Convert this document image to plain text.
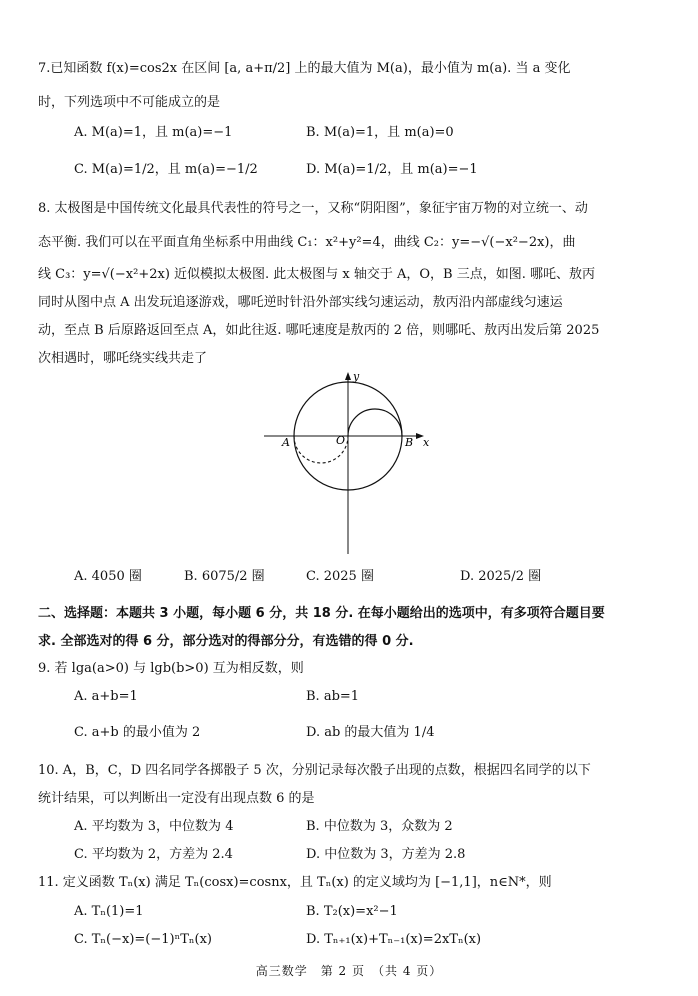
7.已知函数 f(x)=cos2x 在区间 [a, a+π/2] 上的最大值为 M(a)，最小值为 m(a). 当 a 变化
时，下列选项中不可能成立的是
A. M(a)=1，且 m(a)=−1	B. M(a)=1，且 m(a)=0
C. M(a)=1/2，且 m(a)=−1/2	D. M(a)=1/2，且 m(a)=−1
8. 太极图是中国传统文化最具代表性的符号之一，又称“阴阳图”，象征宇宙万物的对立统一、动
态平衡. 我们可以在平面直角坐标系中用曲线 C₁：x²+y²=4，曲线 C₂：y=−√(−x²−2x)，曲
线 C₃：y=√(−x²+2x) 近似模拟太极图. 此太极图与 x 轴交于 A，O，B 三点，如图. 哪吒、敖丙
同时从图中点 A 出发玩追逐游戏，哪吒逆时针沿外部实线匀速运动，敖丙沿内部虚线匀速运
动，至点 B 后原路返回至点 A，如此往返. 哪吒速度是敖丙的 2 倍，则哪吒、敖丙出发后第 2025
次相遇时，哪吒绕实线共走了
y
x
A	O	B
A. 4050 圈	B. 6075/2 圈	C. 2025 圈	D. 2025/2 圈
二、选择题：本题共 3 小题，每小题 6 分，共 18 分. 在每小题给出的选项中，有多项符合题目要
求. 全部选对的得 6 分，部分选对的得部分分，有选错的得 0 分.
9. 若 lga(a>0) 与 lgb(b>0) 互为相反数，则
A. a+b=1	B. ab=1
C. a+b 的最小值为 2	D. ab 的最大值为 1/4
10. A，B，C，D 四名同学各掷骰子 5 次，分别记录每次骰子出现的点数，根据四名同学的以下
统计结果，可以判断出一定没有出现点数 6 的是
A. 平均数为 3，中位数为 4	B. 中位数为 3，众数为 2
C. 平均数为 2，方差为 2.4	D. 中位数为 3，方差为 2.8
11. 定义函数 Tₙ(x) 满足 Tₙ(cosx)=cosnx，且 Tₙ(x) 的定义域均为 [−1,1]，n∈N*，则
A. Tₙ(1)=1	B. T₂(x)=x²−1
C. Tₙ(−x)=(−1)ⁿTₙ(x)	D. Tₙ₊₁(x)+Tₙ₋₁(x)=2xTₙ(x)
高三数学　第 2 页　（共 4 页）
